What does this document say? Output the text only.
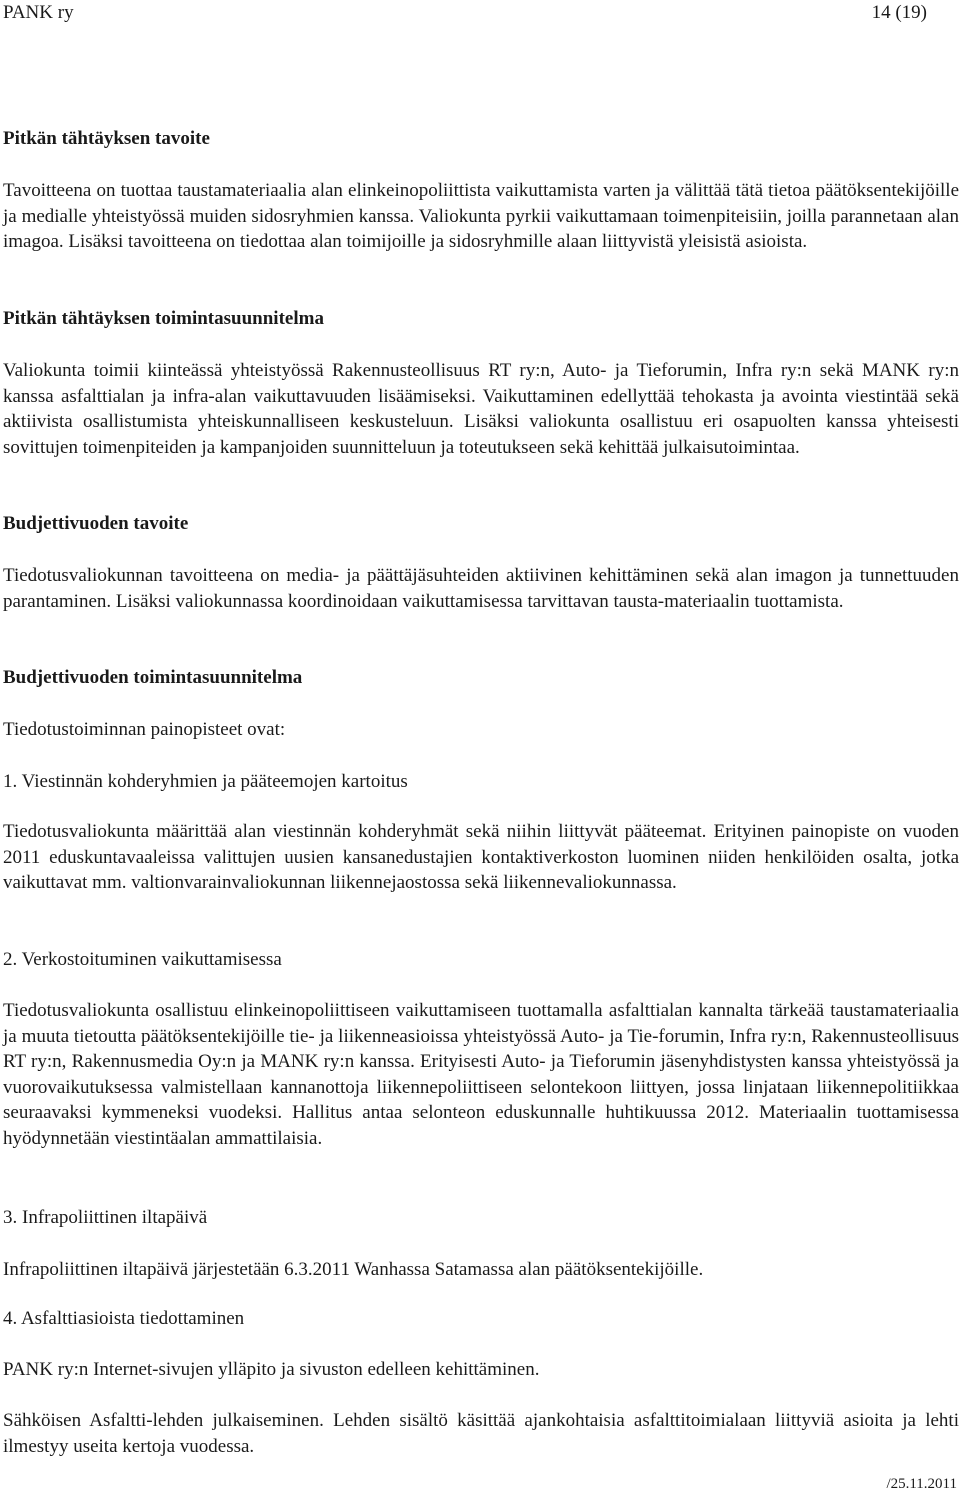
PANK ry	14 (19)
Pitkän tähtäyksen tavoite

Tavoitteena on tuottaa taustamateriaalia alan elinkeinopoliittista vaikuttamista varten ja välittää tätä tietoa päätöksentekijöille ja medialle yhteistyössä muiden sidosryhmien kanssa. Valiokunta pyrkii vaikuttamaan toimenpiteisiin, joilla parannetaan alan imagoa. Lisäksi tavoitteena on tiedottaa alan toimijoille ja sidosryhmille alaan liittyvistä yleisistä asioista.

Pitkän tähtäyksen toimintasuunnitelma

Valiokunta toimii kiinteässä yhteistyössä Rakennusteollisuus RT ry:n, Auto- ja Tieforumin, Infra ry:n sekä MANK ry:n kanssa asfalttialan ja infra-alan vaikuttavuuden lisäämiseksi. Vaikuttaminen edellyttää tehokasta ja avointa viestintää sekä aktiivista osallistumista yhteiskunnalliseen keskusteluun. Lisäksi valiokunta osallistuu eri osapuolten kanssa yhteisesti sovittujen toimenpiteiden ja kampanjoiden suunnitteluun ja toteutukseen sekä kehittää julkaisutoimintaa.

Budjettivuoden tavoite

Tiedotusvaliokunnan tavoitteena on media- ja päättäjäsuhteiden aktiivinen kehittäminen sekä alan imagon ja tunnettuuden parantaminen. Lisäksi valiokunnassa koordinoidaan vaikuttamisessa tarvittavan tausta-materiaalin tuottamista.

Budjettivuoden toimintasuunnitelma
Tiedotustoiminnan painopisteet ovat:
1. Viestinnän kohderyhmien ja pääteemojen kartoitus

Tiedotusvaliokunta määrittää alan viestinnän kohderyhmät sekä niihin liittyvät pääteemat. Erityinen painopiste on vuoden 2011 eduskuntavaaleissa valittujen uusien kansanedustajien kontaktiverkoston luominen niiden henkilöiden osalta, jotka vaikuttavat mm. valtionvarainvaliokunnan liikennejaostossa sekä liikennevaliokunnassa.

2. Verkostoituminen vaikuttamisessa

Tiedotusvaliokunta osallistuu elinkeinopoliittiseen vaikuttamiseen tuottamalla asfalttialan kannalta tärkeää taustamateriaalia ja muuta tietoutta päätöksentekijöille tie- ja liikenneasioissa yhteistyössä Auto- ja Tie-forumin, Infra ry:n, Rakennusteollisuus RT ry:n, Rakennusmedia Oy:n ja MANK ry:n kanssa. Erityisesti Auto- ja Tieforumin jäsenyhdistysten kanssa yhteistyössä ja vuorovaikutuksessa valmistellaan kannanottoja liikennepoliittiseen selontekoon liittyen, jossa linjataan liikennepolitiikkaa seuraavaksi kymmeneksi vuodeksi. Hallitus antaa selonteon eduskunnalle huhtikuussa 2012. Materiaalin tuottamisessa hyödynnetään viestintäalan ammattilaisia.

3. Infrapoliittinen iltapäivä
Infrapoliittinen iltapäivä järjestetään 6.3.2011 Wanhassa Satamassa alan päätöksentekijöille.
4. Asfalttiasioista tiedottaminen
PANK ry:n Internet-sivujen ylläpito ja sivuston edelleen kehittäminen.

Sähköisen Asfaltti-lehden julkaiseminen. Lehden sisältö käsittää ajankohtaisia asfalttitoimialaan liittyviä asioita ja lehti ilmestyy useita kertoja vuodessa.

/25.11.2011
